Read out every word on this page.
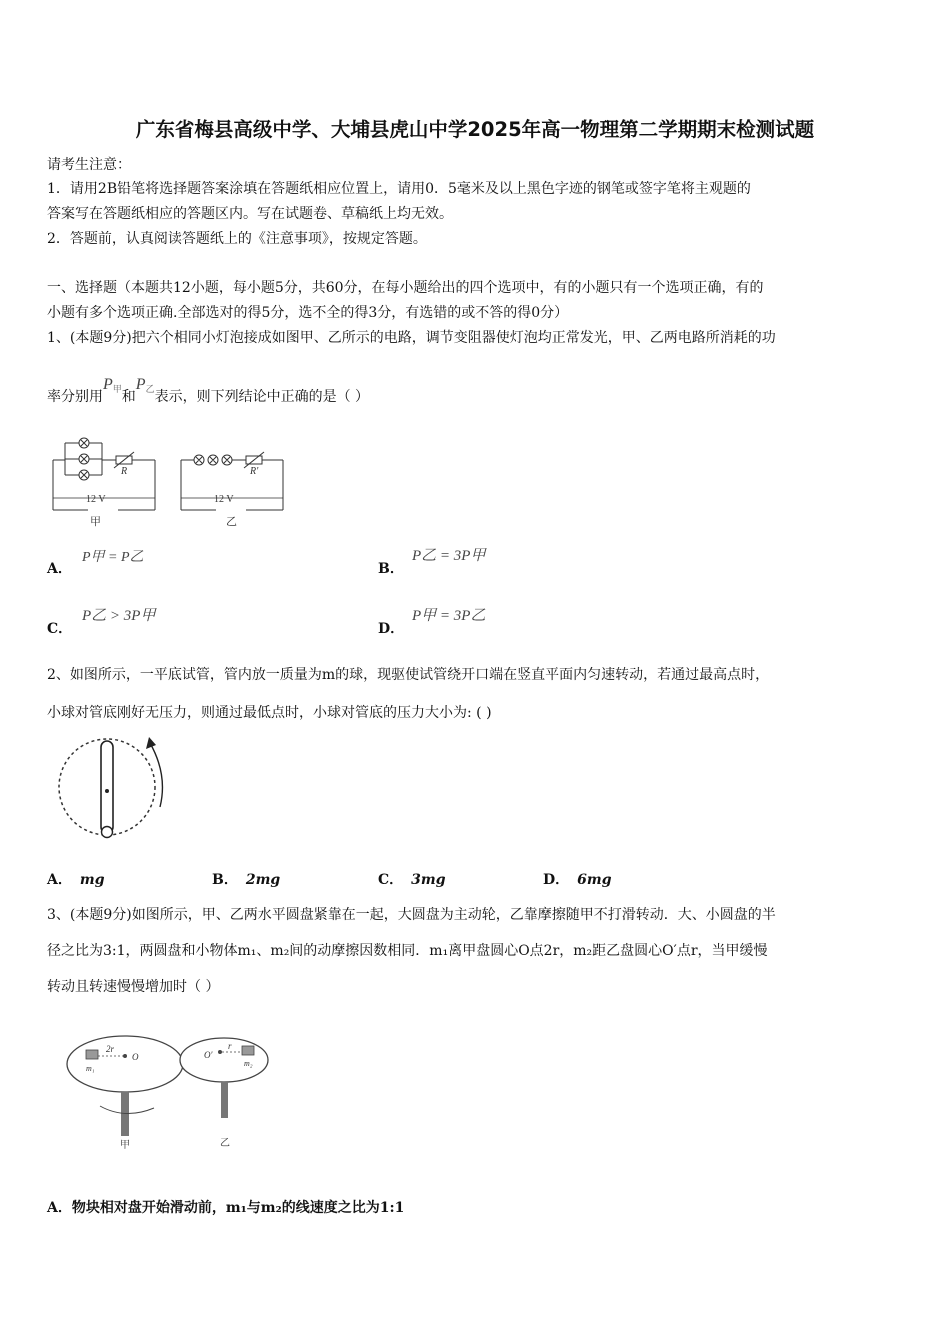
广东省梅县高级中学、大埔县虎山中学2025年高一物理第二学期期末检测试题
请考生注意：
1．请用2B铅笔将选择题答案涂填在答题纸相应位置上，请用0．5毫米及以上黑色字迹的钢笔或签字笔将主观题的
答案写在答题纸相应的答题区内。写在试题卷、草稿纸上均无效。
2．答题前，认真阅读答题纸上的《注意事项》，按规定答题。
一、选择题（本题共12小题，每小题5分，共60分，在每小题给出的四个选项中，有的小题只有一个选项正确，有的
小题有多个选项正确.全部选对的得5分，选不全的得3分，有选错的或不答的得0分）
1、(本题9分)把六个相同小灯泡接成如图甲、乙所示的电路，调节变阻器使灯泡均正常发光，甲、乙两电路所消耗的功
率分别用P甲和P乙表示，则下列结论中正确的是（ ）
12 V
R
甲
12 V
R'
乙
A．
P甲 = P乙
B．
P乙 = 3P甲
C．
P乙 > 3P甲
D．
P甲 = 3P乙
2、如图所示，一平底试管，管内放一质量为m的球，现驱使试管绕开口端在竖直平面内匀速转动，若通过最高点时，
小球对管底刚好无压力，则通过最低点时，小球对管底的压力大小为: ( )
A． mg	B． 2mg	C． 3mg	D． 6mg
3、(本题9分)如图所示，甲、乙两水平圆盘紧靠在一起，大圆盘为主动轮，乙靠摩擦随甲不打滑转动．大、小圆盘的半
径之比为3:1，两圆盘和小物体m₁、m₂间的动摩擦因数相同．m₁离甲盘圆心O点2r，m₂距乙盘圆心O′点r，当甲缓慢
转动且转速慢慢增加时（ ）
2r
O
m₁
甲
O′
r
m₂
乙
A．物块相对盘开始滑动前，m₁与m₂的线速度之比为1:1
